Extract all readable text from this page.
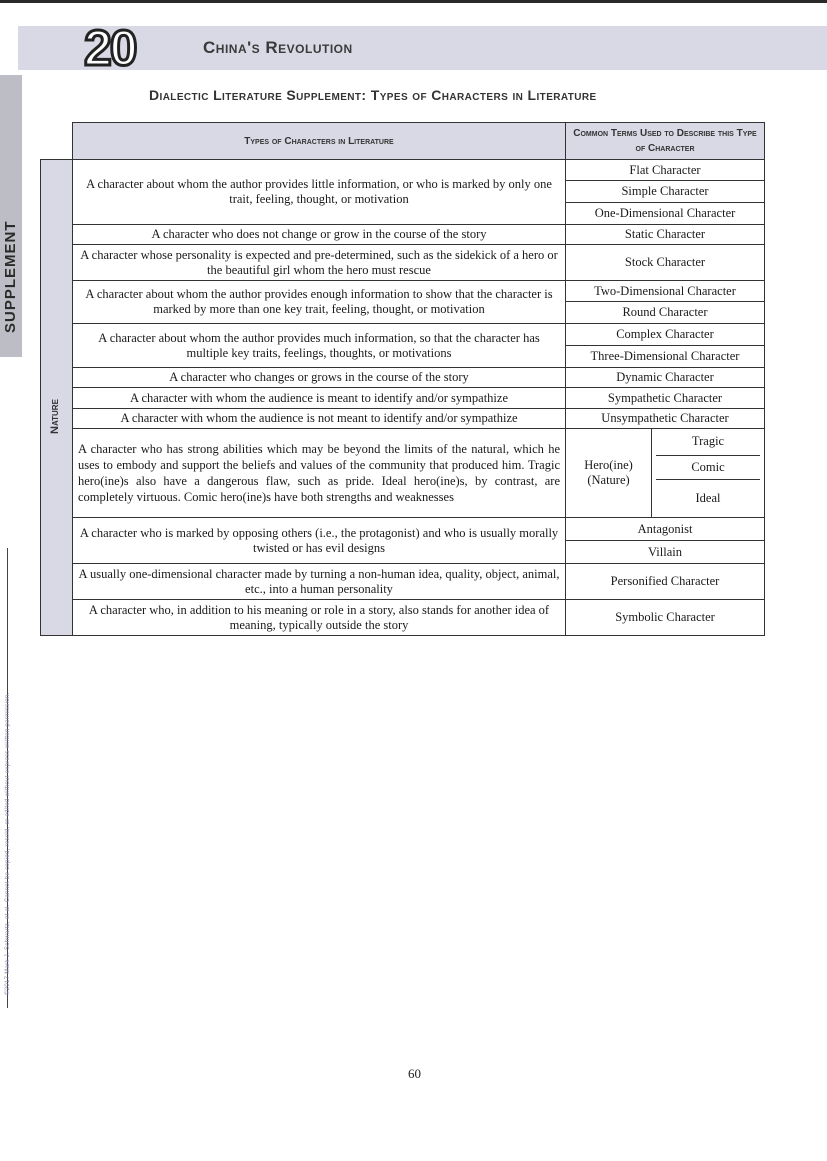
20	China's Revolution
SUPPLEMENT
©2017 Mark J. Schwartz, et al. Cannot be copied, resold, or edited without express written permission.
Dialectic Literature Supplement: Types of Characters in Literature
	Types of Characters in Literature	Common Terms Used to Describe this Type of Character

Nature
	A character about whom the author provides little information, or who is marked by only one trait, feeling, thought, or motivation	Flat Character
Simple Character
One-Dimensional Character
A character who does not change or grow in the course of the story	Static Character
A character whose personality is expected and pre-determined, such as the sidekick of a hero or the beautiful girl whom the hero must rescue	Stock Character
A character about whom the author provides enough information to show that the character is marked by more than one key trait, feeling, thought, or motivation	Two-Dimensional Character
Round Character
A character about whom the author provides much information, so that the character has multiple key traits, feelings, thoughts, or motivations	Complex Character
Three-Dimensional Character
A character who changes or grows in the course of the story	Dynamic Character
A character with whom the audience is meant to identify and/or sympathize	Sympathetic Character
A character with whom the audience is not meant to identify and/or sympathize	Unsympathetic Character
A character who has strong abilities which may be beyond the limits of the natural, which he uses to embody and support the beliefs and values of the community that produced him. Tragic hero(ine)s also have a dangerous flaw, such as pride. Ideal hero(ine)s, by contrast, are completely virtuous. Comic hero(ine)s have both strengths and weaknesses	Hero(ine) (Nature)	
Tragic
Comic
Ideal

A character who is marked by opposing others (i.e., the protagonist) and who is usually morally twisted or has evil designs	Antagonist
Villain
A usually one-dimensional character made by turning a non-human idea, quality, object, animal, etc., into a human personality	Personified Character
A character who, in addition to his meaning or role in a story, also stands for another idea of meaning, typically outside the story	Symbolic Character
60
